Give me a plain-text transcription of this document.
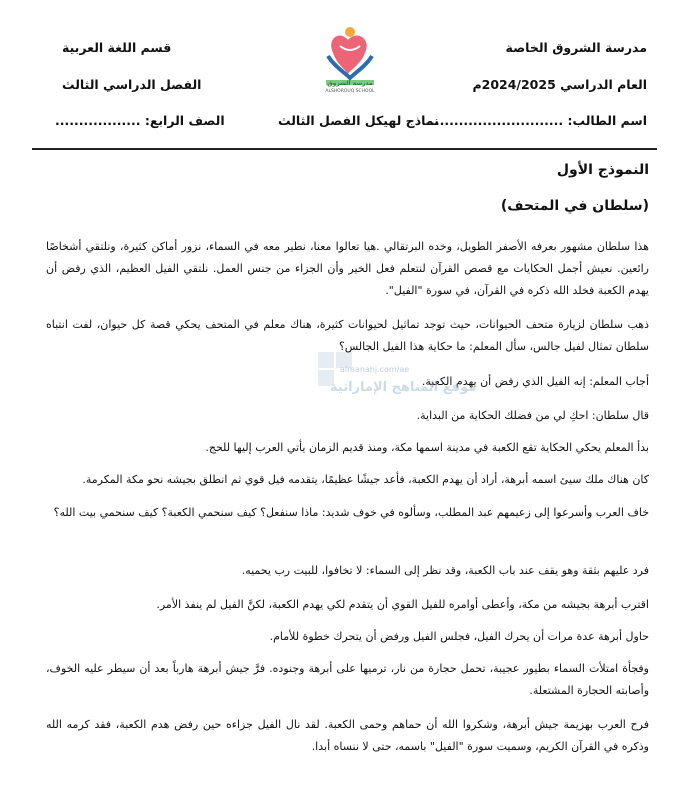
مدرسة الشروق الخاصة
العام الدراسي 2024/2025م
اسم الطالب: .............................
قسم اللغة العربية
الفصل الدراسي الثالث
الصف الرابع: ..................	نماذج لهيكل الفصل الثالث
مدرسة الشروق
ALSHOROUQ SCHOOL
النموذج الأول
(سلطان في المتحف)
هذا سلطان مشهور بعرفه الأصفر الطويل، وخده البرتقالي .هيا تعالوا معنا، نطير معه في السماء، نزور أماكن كثيرة، ونلتقي أشخاصًا رائعين. نعيش أجمل الحكايات مع قصص القرآن لنتعلم فعل الخير وأن الجزاء من جنس العمل. نلتقي الفيل العظيم، الذي رفض أن يهدم الكعبة فخلد الله ذكره في القرآن، في سورة "الفيل".
ذهب سلطان لزيارة متحف الحيوانات، حيث توجد تماثيل لحيوانات كثيرة، هناك معلم في المتحف يحكي قصة كل حيوان، لفت انتباه سلطان تمثال لفيل جالس، سأل المعلم: ما حكاية هذا الفيل الجالس؟
أجاب المعلم: إنه الفيل الذي رفض أن يهدم الكعبة.
قال سلطان: احكِ لي من فضلك الحكاية من البداية.
بدأ المعلم يحكي الحكاية تقع الكعبة في مدينة اسمها مكة، ومنذ قديم الزمان يأتي العرب إليها للحج.
كان هناك ملك سيئ اسمه أبرهة، أراد أن يهدم الكعبة، فأعد جيشًا عظيمًا، يتقدمه فيل قوي ثم انطلق بجيشه نحو مكة المكرمة.
خاف العرب وأسرعوا إلى زعيمهم عبد المطلب، وسألوه في خوف شديد: ماذا سنفعل؟ كيف سنحمي الكعبة؟ كيف سنحمي بيت الله؟
فرد عليهم بثقة وهو يقف عند باب الكعبة، وقد نظر إلى السماء: لا تخافوا، للبيت رب يحميه.
اقترب أبرهة بجيشه من مكة، وأعطى أوامره للفيل القوي أن يتقدم لكي يهدم الكعبة، لكنَّ الفيل لم ينفذ الأمر.
حاول أبرهة عدة مرات أن يحرك الفيل، فجلس الفيل ورفض أن يتحرك خطوة للأمام.
وفجأة امتلأت السماء بطيور عجيبة، تحمل حجارة من نار، ترميها على أبرهة وجنوده. فرَّ جيش أبرهة هارباً بعد أن سيطر عليه الخوف، وأصابته الحجارة المشتعلة.
فرح العرب بهزيمة جيش أبرهة، وشكروا الله أن حماهم وحمى الكعبة. لقد نال الفيل جزاءه حين رفض هدم الكعبة، فقد كرمه الله وذكره في القرآن الكريم، وسميت سورة "الفيل" باسمه، حتى لا ننساه أبدا.
almanahj.com/ae
موقع المناهج الإماراتية
